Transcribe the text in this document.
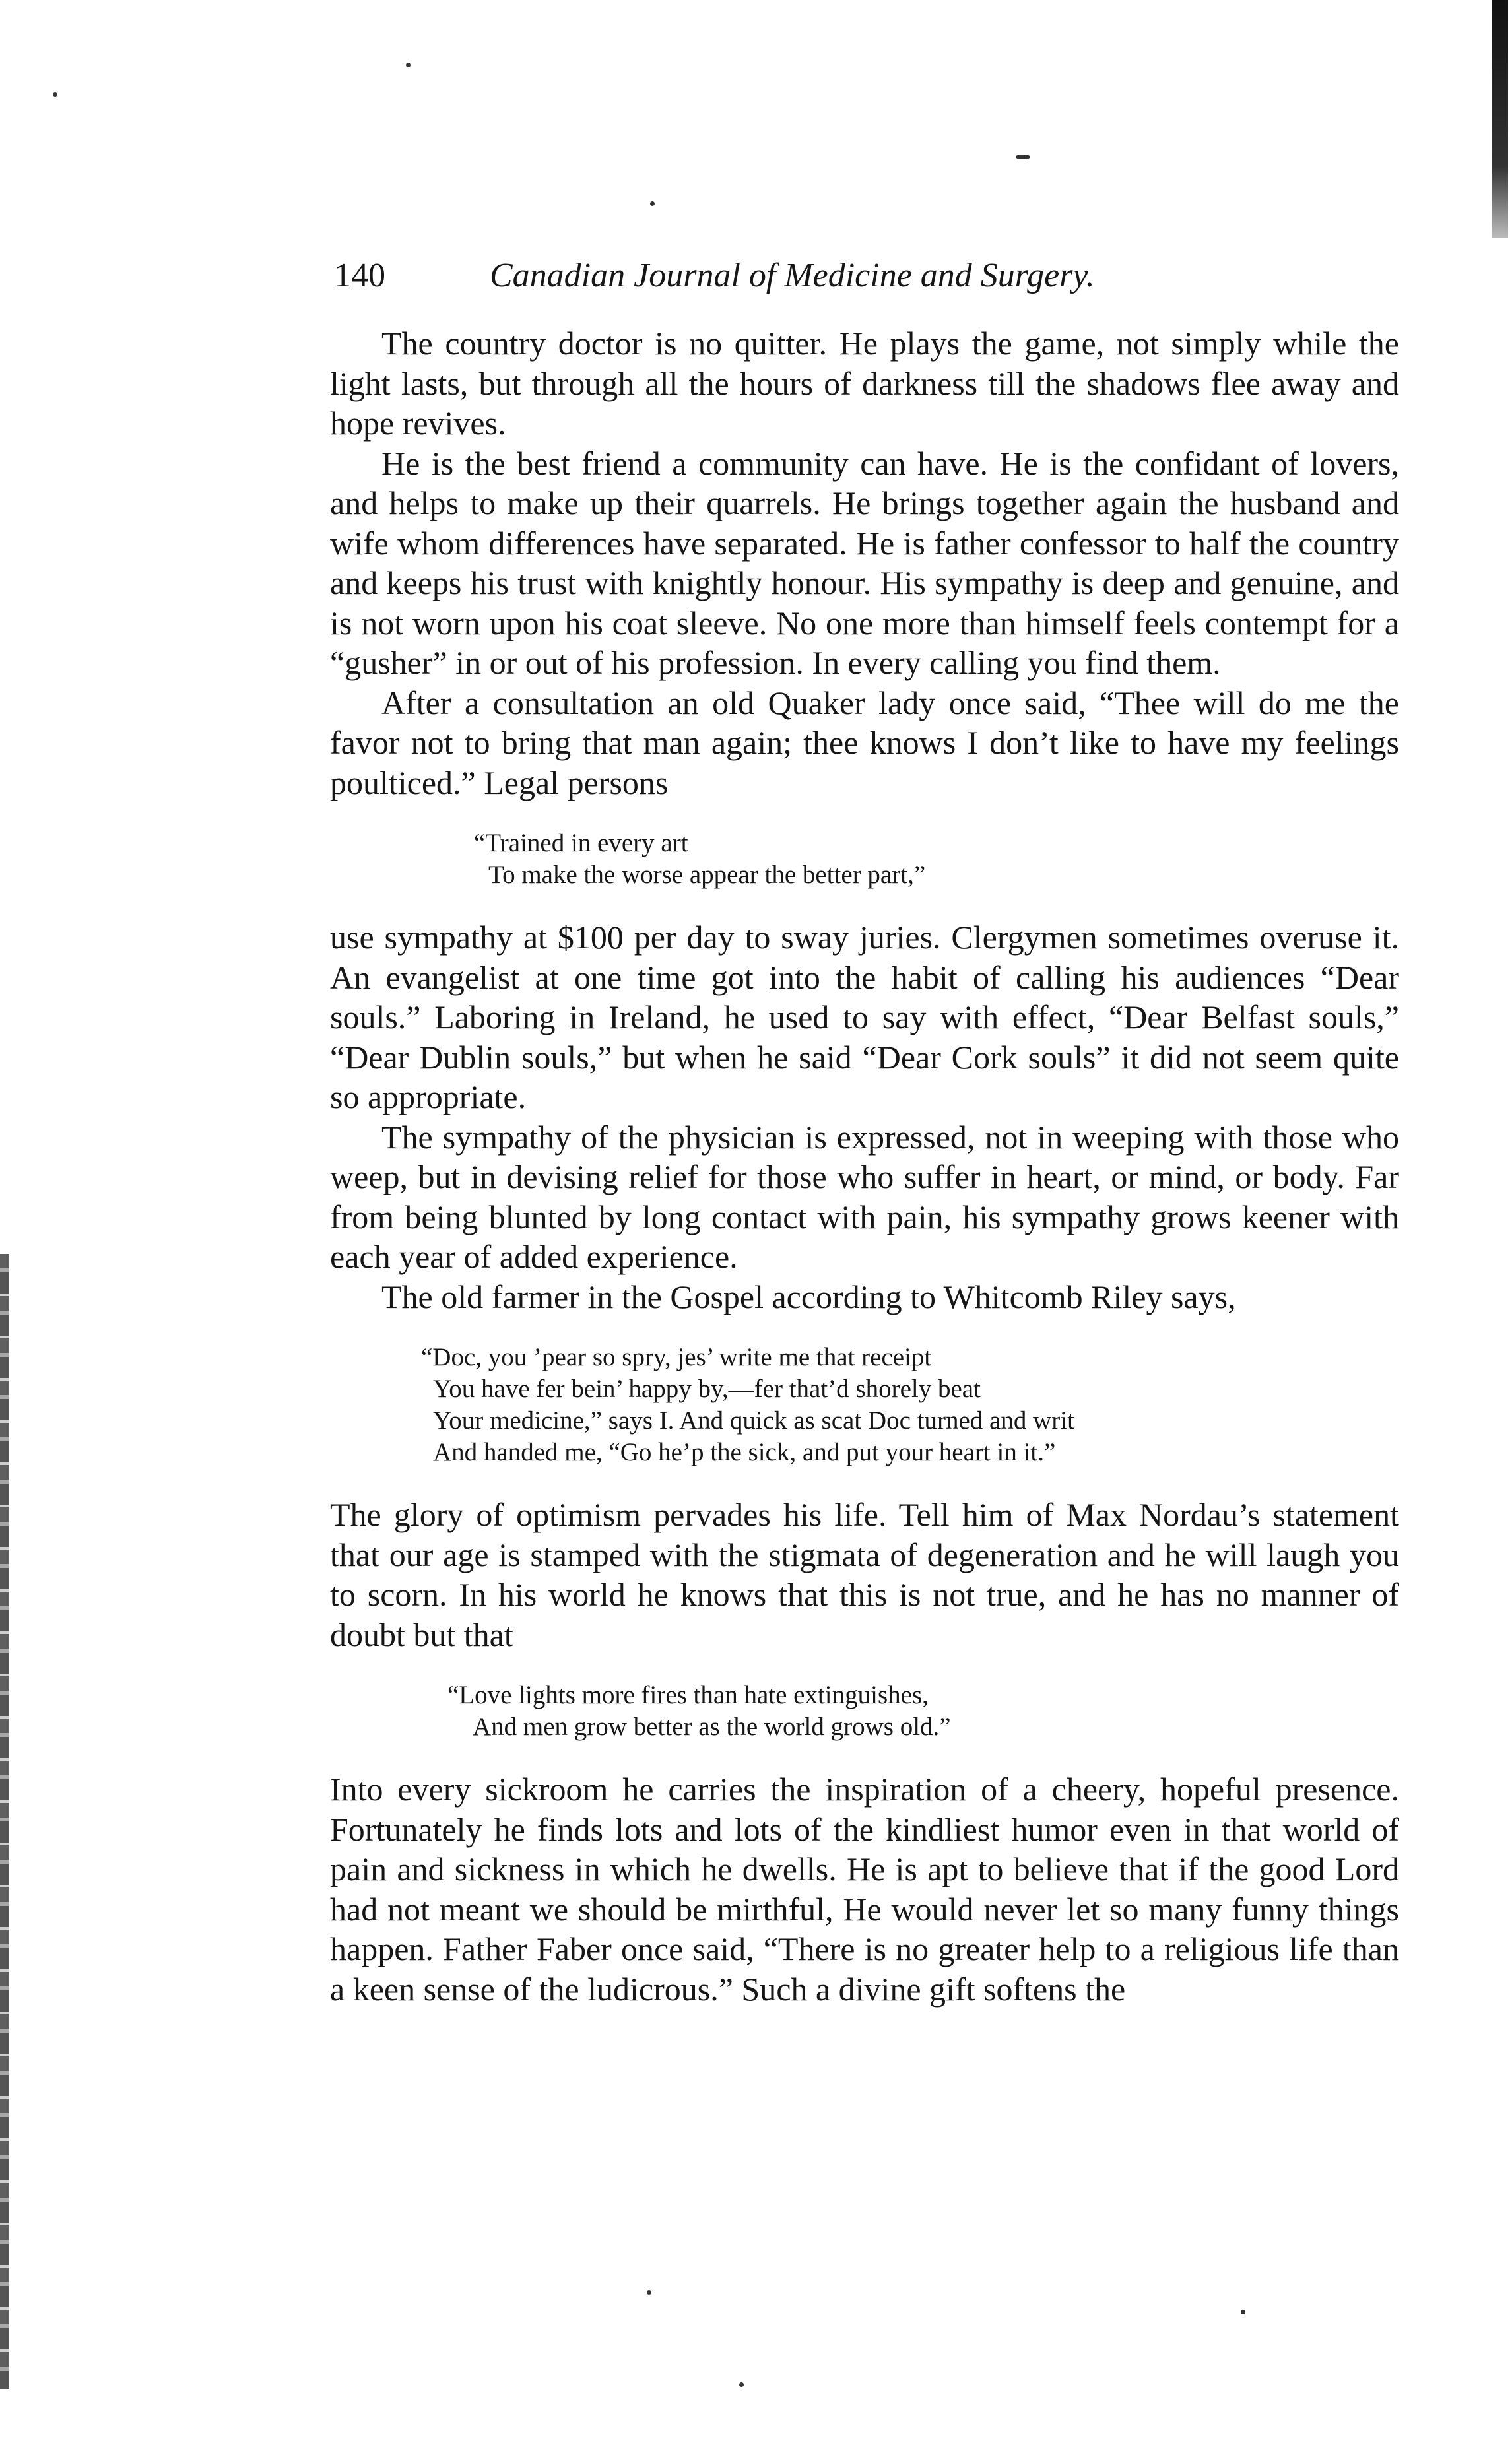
140	Canadian Journal of Medicine and Surgery.

The country doctor is no quitter. He plays the game, not simply while the light lasts, but through all the hours of darkness till the shadows flee away and hope revives.

He is the best friend a community can have. He is the confidant of lovers, and helps to make up their quarrels. He brings together again the husband and wife whom differences have separated. He is father confessor to half the country and keeps his trust with knightly honour. His sympathy is deep and genuine, and is not worn upon his coat sleeve. No one more than himself feels contempt for a “gusher” in or out of his profession. In every calling you find them.

After a consultation an old Quaker lady once said, “Thee will do me the favor not to bring that man again; thee knows I don’t like to have my feelings poulticed.” Legal persons

“Trained in every art
To make the worse appear the better part,”

use sympathy at $100 per day to sway juries. Clergymen sometimes overuse it. An evangelist at one time got into the habit of calling his audiences “Dear souls.” Laboring in Ireland, he used to say with effect, “Dear Belfast souls,” “Dear Dublin souls,” but when he said “Dear Cork souls” it did not seem quite so appropriate.

The sympathy of the physician is expressed, not in weeping with those who weep, but in devising relief for those who suffer in heart, or mind, or body. Far from being blunted by long contact with pain, his sympathy grows keener with each year of added experience.

The old farmer in the Gospel according to Whitcomb Riley says,

“Doc, you ’pear so spry, jes’ write me that receipt
You have fer bein’ happy by,—fer that’d shorely beat
Your medicine,” says I. And quick as scat Doc turned and writ
And handed me, “Go he’p the sick, and put your heart in it.”

The glory of optimism pervades his life. Tell him of Max Nordau’s statement that our age is stamped with the stigmata of degeneration and he will laugh you to scorn. In his world he knows that this is not true, and he has no manner of doubt but that

“Love lights more fires than hate extinguishes,
And men grow better as the world grows old.”

Into every sickroom he carries the inspiration of a cheery, hopeful presence. Fortunately he finds lots and lots of the kindliest humor even in that world of pain and sickness in which he dwells. He is apt to believe that if the good Lord had not meant we should be mirthful, He would never let so many funny things happen. Father Faber once said, “There is no greater help to a religious life than a keen sense of the ludicrous.” Such a divine gift softens the
